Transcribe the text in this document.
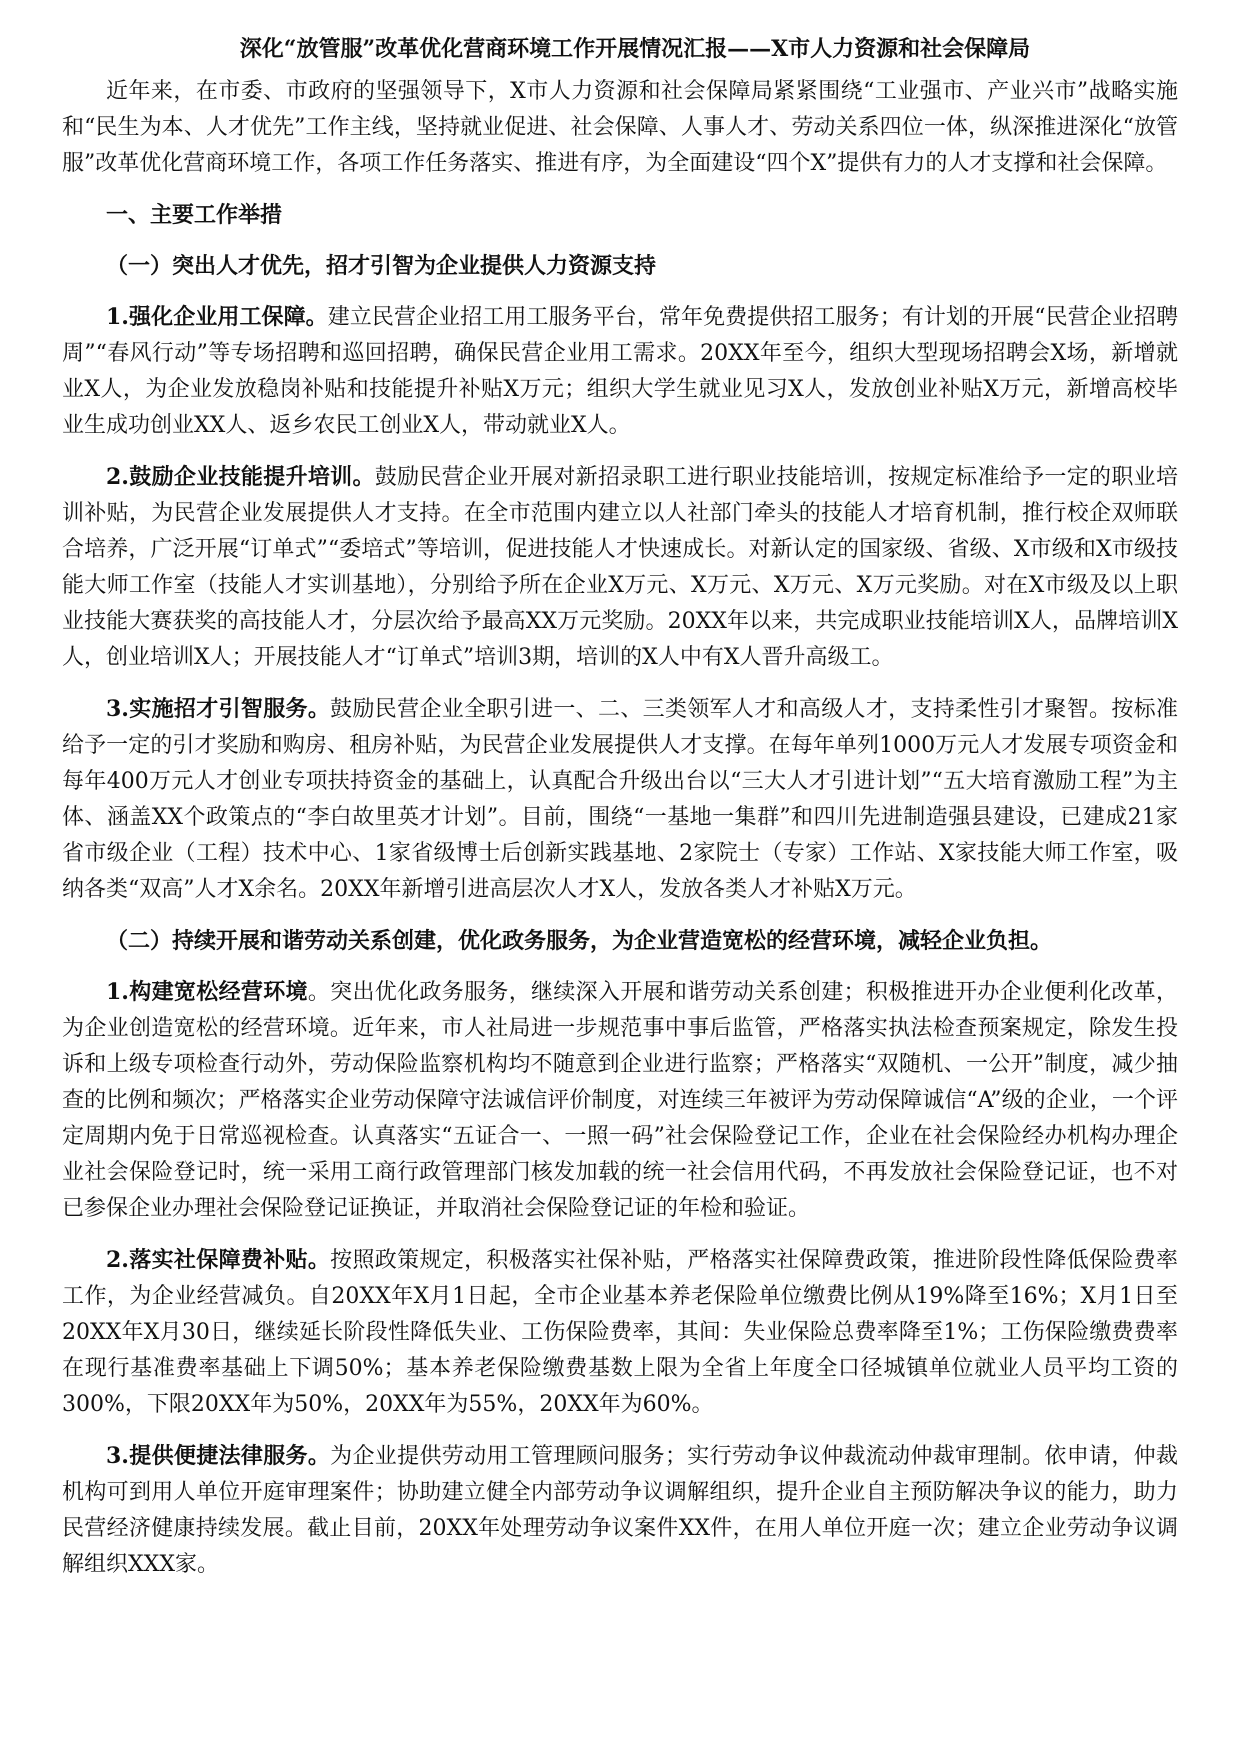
深化“放管服”改革优化营商环境工作开展情况汇报——X市人力资源和社会保障局

近年来，在市委、市政府的坚强领导下，X市人力资源和社会保障局紧紧围绕“工业强市、产业兴市”战略实施和“民生为本、人才优先”工作主线，坚持就业促进、社会保障、人事人才、劳动关系四位一体，纵深推进深化“放管服”改革优化营商环境工作，各项工作任务落实、推进有序，为全面建设“四个X”提供有力的人才支撑和社会保障。

一、主要工作举措
（一）突出人才优先，招才引智为企业提供人力资源支持

1.强化企业用工保障。建立民营企业招工用工服务平台，常年免费提供招工服务；有计划的开展“民营企业招聘周”“春风行动”等专场招聘和巡回招聘，确保民营企业用工需求。20XX年至今，组织大型现场招聘会X场，新增就业X人，为企业发放稳岗补贴和技能提升补贴X万元；组织大学生就业见习X人，发放创业补贴X万元，新增高校毕业生成功创业XX人、返乡农民工创业X人，带动就业X人。

2.鼓励企业技能提升培训。鼓励民营企业开展对新招录职工进行职业技能培训，按规定标准给予一定的职业培训补贴，为民营企业发展提供人才支持。在全市范围内建立以人社部门牵头的技能人才培育机制，推行校企双师联合培养，广泛开展“订单式”“委培式”等培训，促进技能人才快速成长。对新认定的国家级、省级、X市级和X市级技能大师工作室（技能人才实训基地），分别给予所在企业X万元、X万元、X万元、X万元奖励。对在X市级及以上职业技能大赛获奖的高技能人才，分层次给予最高XX万元奖励。20XX年以来，共完成职业技能培训X人，品牌培训X人，创业培训X人；开展技能人才“订单式”培训3期，培训的X人中有X人晋升高级工。

3.实施招才引智服务。鼓励民营企业全职引进一、二、三类领军人才和高级人才，支持柔性引才聚智。按标准给予一定的引才奖励和购房、租房补贴，为民营企业发展提供人才支撑。在每年单列1000万元人才发展专项资金和每年400万元人才创业专项扶持资金的基础上，认真配合升级出台以“三大人才引进计划”“五大培育激励工程”为主体、涵盖XX个政策点的“李白故里英才计划”。目前，围绕“一基地一集群”和四川先进制造强县建设，已建成21家省市级企业（工程）技术中心、1家省级博士后创新实践基地、2家院士（专家）工作站、X家技能大师工作室，吸纳各类“双高”人才X余名。20XX年新增引进高层次人才X人，发放各类人才补贴X万元。

（二）持续开展和谐劳动关系创建，优化政务服务，为企业营造宽松的经营环境，减轻企业负担。

1.构建宽松经营环境。突出优化政务服务，继续深入开展和谐劳动关系创建；积极推进开办企业便利化改革，为企业创造宽松的经营环境。近年来，市人社局进一步规范事中事后监管，严格落实执法检查预案规定，除发生投诉和上级专项检查行动外，劳动保险监察机构均不随意到企业进行监察；严格落实“双随机、一公开”制度，减少抽查的比例和频次；严格落实企业劳动保障守法诚信评价制度，对连续三年被评为劳动保障诚信“A”级的企业，一个评定周期内免于日常巡视检查。认真落实“五证合一、一照一码”社会保险登记工作，企业在社会保险经办机构办理企业社会保险登记时，统一采用工商行政管理部门核发加载的统一社会信用代码，不再发放社会保险登记证，也不对已参保企业办理社会保险登记证换证，并取消社会保险登记证的年检和验证。

2.落实社保障费补贴。按照政策规定，积极落实社保补贴，严格落实社保障费政策，推进阶段性降低保险费率工作，为企业经营减负。自20XX年X月1日起，全市企业基本养老保险单位缴费比例从19%降至16%；X月1日至20XX年X月30日，继续延长阶段性降低失业、工伤保险费率，其间：失业保险总费率降至1%；工伤保险缴费费率在现行基准费率基础上下调50%；基本养老保险缴费基数上限为全省上年度全口径城镇单位就业人员平均工资的300%，下限20XX年为50%，20XX年为55%，20XX年为60%。

3.提供便捷法律服务。为企业提供劳动用工管理顾问服务；实行劳动争议仲裁流动仲裁审理制。依申请，仲裁机构可到用人单位开庭审理案件；协助建立健全内部劳动争议调解组织，提升企业自主预防解决争议的能力，助力民营经济健康持续发展。截止目前，20XX年处理劳动争议案件XX件，在用人单位开庭一次；建立企业劳动争议调解组织XXX家。
